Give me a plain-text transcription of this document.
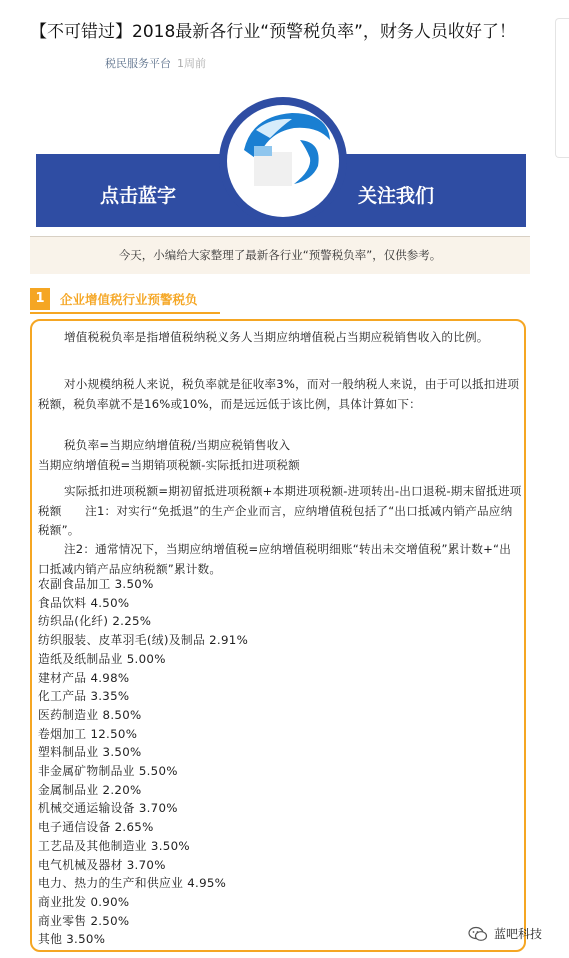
【不可错过】2018最新各行业“预警税负率”，财务人员收好了！
税民服务平台 1周前
点击蓝字	关注我们
今天，小编给大家整理了最新各行业“预警税负率”，仅供参考。
1	企业增值税行业预警税负

增值税税负率是指增值税纳税义务人当期应纳增值税占当期应税销售收入的比例。

对小规模纳税人来说，税负率就是征收率3%，而对一般纳税人来说，由于可以抵扣进项税额，税负率就不是16%或10%，而是远远低于该比例，具体计算如下：

税负率=当期应纳增值税/当期应税销售收入
当期应纳增值税=当期销项税额-实际抵扣进项税额

实际抵扣进项税额=期初留抵进项税额+本期进项税额-进项转出-出口退税-期末留抵进项税额　　注1：对实行“免抵退”的生产企业而言，应纳增值税包括了“出口抵减内销产品应纳税额”。

注2：通常情况下，当期应纳增值税=应纳增值税明细账“转出未交增值税”累计数+“出口抵减内销产品应纳税额”累计数。

农副食品加工 3.50%
食品饮料 4.50%
纺织品(化纤) 2.25%
纺织服装、皮革羽毛(绒)及制品 2.91%
造纸及纸制品业 5.00%
建材产品 4.98%
化工产品 3.35%
医药制造业 8.50%
卷烟加工 12.50%
塑料制品业 3.50%
非金属矿物制品业 5.50%
金属制品业 2.20%
机械交通运输设备 3.70%
电子通信设备 2.65%
工艺品及其他制造业 3.50%
电气机械及器材 3.70%
电力、热力的生产和供应业 4.95%
商业批发 0.90%
商业零售 2.50%
其他 3.50%	蓝吧科技
